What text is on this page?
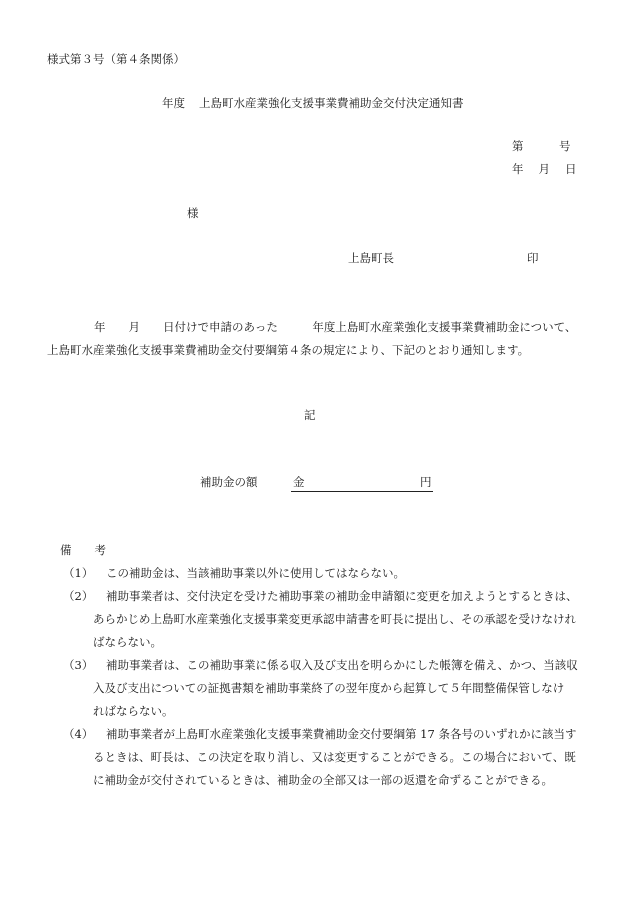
様式第３号（第４条関係）
年度 上島町水産業強化支援事業費補助金交付決定通知書
第	号
年 月 日
様
上島町長	印
年　　月　　日付けで申請のあった　　　年度上島町水産業強化支援事業費補助金について、
上島町水産業強化支援事業費補助金交付要綱第４条の規定により、下記のとおり通知します。
記
補助金の額	金	円
備　　考
（1） この補助金は、当該補助事業以外に使用してはならない。
（2） 補助事業者は、交付決定を受けた補助事業の補助金申請額に変更を加えようとするときは、
あらかじめ上島町水産業強化支援事業変更承認申請書を町長に提出し、その承認を受けなけれ
ばならない。
（3） 補助事業者は、この補助事業に係る収入及び支出を明らかにした帳簿を備え、かつ、当該収
入及び支出についての証拠書類を補助事業終了の翌年度から起算して５年間整備保管しなけ
ればならない。
（4） 補助事業者が上島町水産業強化支援事業費補助金交付要綱第 17 条各号のいずれかに該当す
るときは、町長は、この決定を取り消し、又は変更することができる。この場合において、既
に補助金が交付されているときは、補助金の全部又は一部の返還を命ずることができる。
